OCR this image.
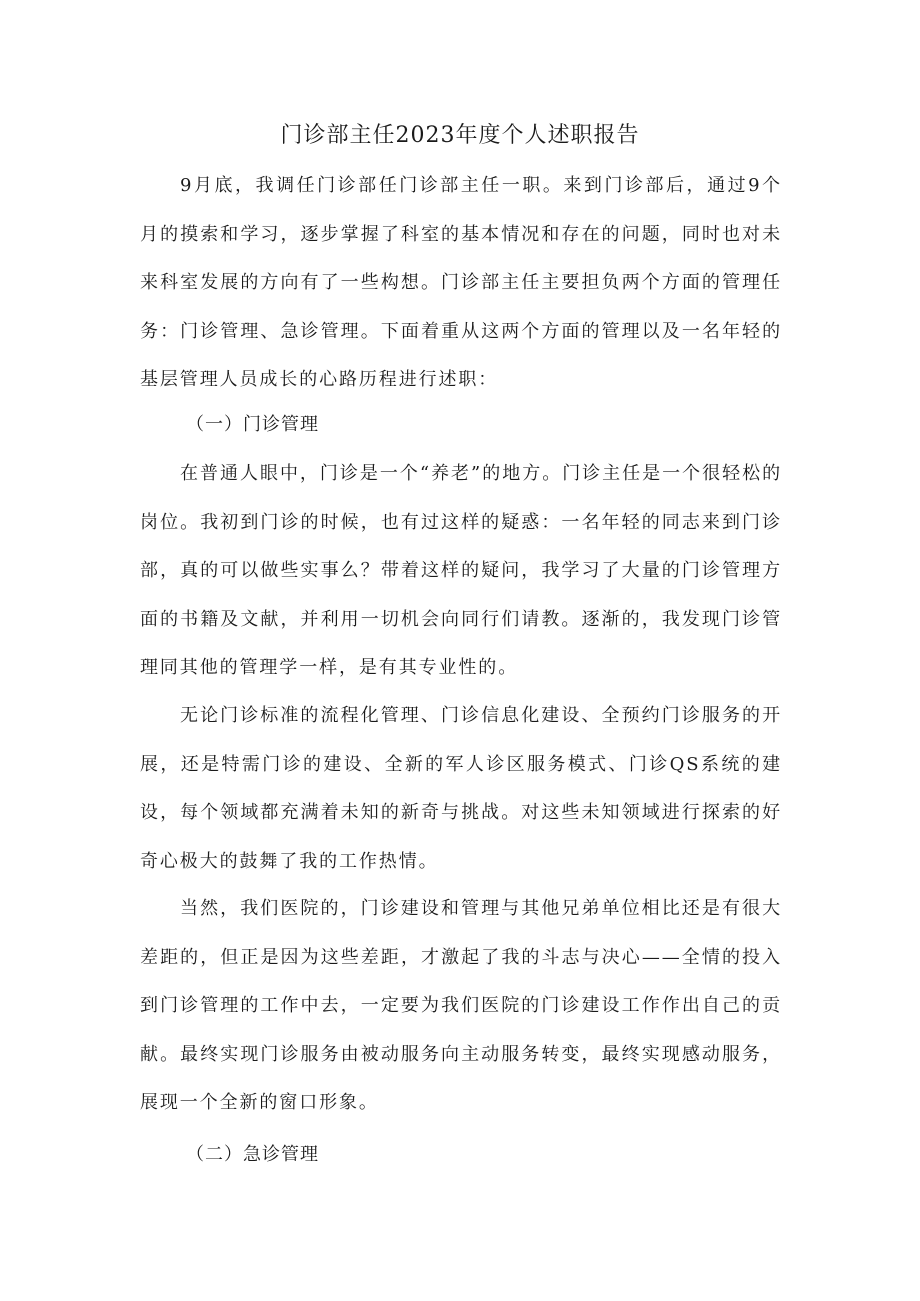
门诊部主任2023年度个人述职报告

9月底，我调任门诊部任门诊部主任一职。来到门诊部后，通过9个月的摸索和学习，逐步掌握了科室的基本情况和存在的问题，同时也对未来科室发展的方向有了一些构想。门诊部主任主要担负两个方面的管理任务：门诊管理、急诊管理。下面着重从这两个方面的管理以及一名年轻的基层管理人员成长的心路历程进行述职：

（一）门诊管理

在普通人眼中，门诊是一个“养老”的地方。门诊主任是一个很轻松的岗位。我初到门诊的时候，也有过这样的疑惑：一名年轻的同志来到门诊部，真的可以做些实事么？带着这样的疑问，我学习了大量的门诊管理方面的书籍及文献，并利用一切机会向同行们请教。逐渐的，我发现门诊管理同其他的管理学一样，是有其专业性的。

无论门诊标准的流程化管理、门诊信息化建设、全预约门诊服务的开展，还是特需门诊的建设、全新的军人诊区服务模式、门诊QS系统的建设，每个领域都充满着未知的新奇与挑战。对这些未知领域进行探索的好奇心极大的鼓舞了我的工作热情。

当然，我们医院的，门诊建设和管理与其他兄弟单位相比还是有很大差距的，但正是因为这些差距，才激起了我的斗志与决心——全情的投入到门诊管理的工作中去，一定要为我们医院的门诊建设工作作出自己的贡献。最终实现门诊服务由被动服务向主动服务转变，最终实现感动服务，展现一个全新的窗口形象。

（二）急诊管理
